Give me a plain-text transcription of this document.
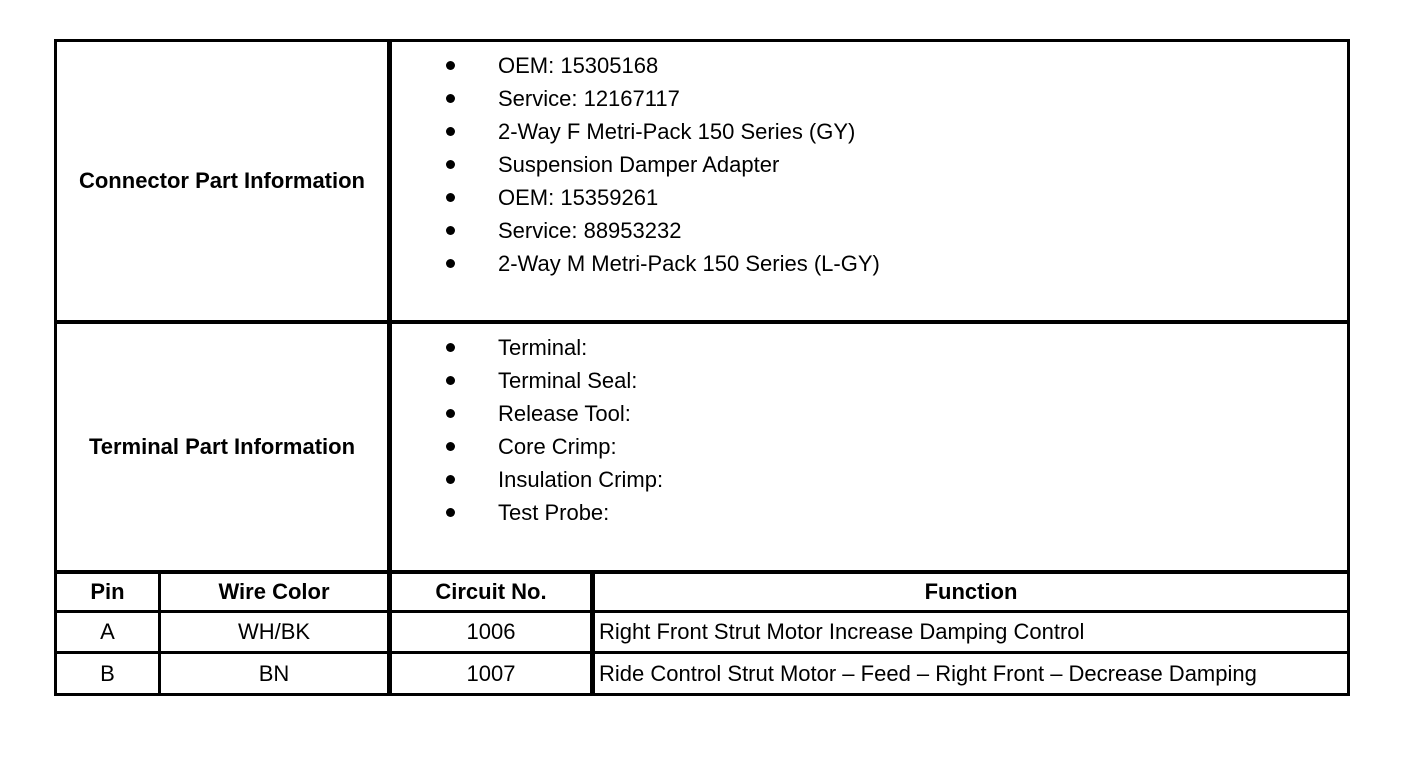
Connector Part Information
OEM: 15305168
Service: 12167117
2-Way F Metri-Pack 150 Series (GY)
Suspension Damper Adapter
OEM: 15359261
Service: 88953232
2-Way M Metri-Pack 150 Series (L-GY)
Terminal Part Information
Terminal:
Terminal Seal:
Release Tool:
Core Crimp:
Insulation Crimp:
Test Probe:
Pin	Wire Color	Circuit No.	Function
A	WH/BK	1006	Right Front Strut Motor Increase Damping Control
B	BN	1007	Ride Control Strut Motor – Feed – Right Front – Decrease Damping
